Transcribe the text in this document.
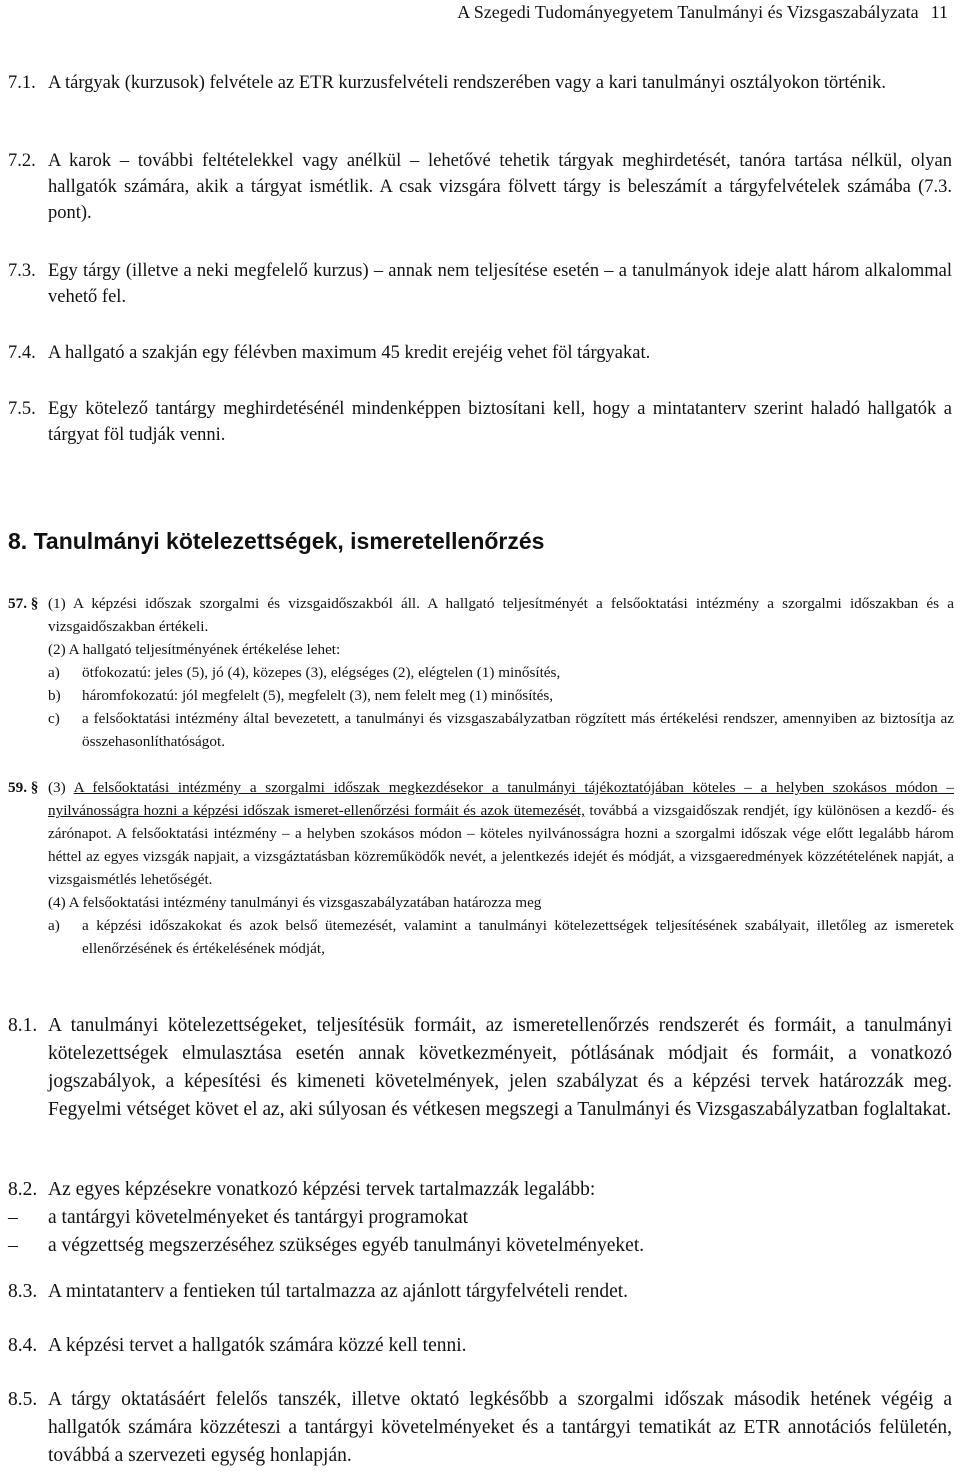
A Szegedi Tudományegyetem Tanulmányi és Vizsgaszabályzata 11
7.1. A tárgyak (kurzusok) felvétele az ETR kurzusfelvételi rendszerében vagy a kari tanulmányi osztályokon történik.
7.2. A karok – további feltételekkel vagy anélkül – lehetővé tehetik tárgyak meghirdetését, tanóra tartása nélkül, olyan hallgatók számára, akik a tárgyat ismétlik. A csak vizsgára fölvett tárgy is beleszámít a tárgyfelvételek számába (7.3. pont).
7.3. Egy tárgy (illetve a neki megfelelő kurzus) – annak nem teljesítése esetén – a tanulmányok ideje alatt három alkalommal vehető fel.
7.4. A hallgató a szakján egy félévben maximum 45 kredit erejéig vehet föl tárgyakat.
7.5. Egy kötelező tantárgy meghirdetésénél mindenképpen biztosítani kell, hogy a mintatanterv szerint haladó hallgatók a tárgyat föl tudják venni.
8. Tanulmányi kötelezettségek, ismeretellenőrzés
57. § (1) A képzési időszak szorgalmi és vizsgaidőszakból áll. A hallgató teljesítményét a felsőoktatási intézmény a szorgalmi időszakban és a vizsgaidőszakban értékeli.
(2) A hallgató teljesítményének értékelése lehet:
a) ötfokozatú: jeles (5), jó (4), közepes (3), elégséges (2), elégtelen (1) minősítés,
b) háromfokozatú: jól megfelelt (5), megfelelt (3), nem felelt meg (1) minősítés,
c)	a felsőoktatási intézmény által bevezetett, a tanulmányi és vizsgaszabályzatban rögzített más értékelési rendszer, amennyiben az biztosítja az összehasonlíthatóságot.
59. § (3) A felsőoktatási intézmény a szorgalmi időszak megkezdésekor a tanulmányi tájékoztatójában köteles – a helyben szokásos módon – nyilvánosságra hozni a képzési időszak ismeret-ellenőrzési formáit és azok ütemezését, továbbá a vizsgaidőszak rendjét, így különösen a kezdő- és zárónapot. A felsőoktatási intézmény – a helyben szokásos módon – köteles nyilvánosságra hozni a szorgalmi időszak vége előtt legalább három héttel az egyes vizsgák napjait, a vizsgáztatásban közreműködők nevét, a jelentkezés idejét és módját, a vizsgaeredmények közzétételének napját, a vizsgaismétlés lehetőségét.
(4) A felsőoktatási intézmény tanulmányi és vizsgaszabályzatában határozza meg
a)	a képzési időszakokat és azok belső ütemezését, valamint a tanulmányi kötelezettségek teljesítésének szabályait, illetőleg az ismeretek ellenőrzésének és értékelésének módját,
8.1. A tanulmányi kötelezettségeket, teljesítésük formáit, az ismeretellenőrzés rendszerét és formáit, a tanulmányi kötelezettségek elmulasztása esetén annak következményeit, pótlásának módjait és formáit, a vonatkozó jogszabályok, a képesítési és kimeneti követelmények, jelen szabályzat és a képzési tervek határozzák meg. Fegyelmi vétséget követ el az, aki súlyosan és vétkesen megszegi a Tanulmányi és Vizsgaszabályzatban foglaltakat.
8.2. Az egyes képzésekre vonatkozó képzési tervek tartalmazzák legalább:
– a tantárgyi követelményeket és tantárgyi programokat
– a végzettség megszerzéséhez szükséges egyéb tanulmányi követelményeket.
8.3. A mintatanterv a fentieken túl tartalmazza az ajánlott tárgyfelvételi rendet.
8.4. A képzési tervet a hallgatók számára közzé kell tenni.
8.5. A tárgy oktatásáért felelős tanszék, illetve oktató legkésőbb a szorgalmi időszak második hetének végéig a hallgatók számára közzéteszi a tantárgyi követelményeket és a tantárgyi tematikát az ETR annotációs felületén, továbbá a szervezeti egység honlapján.
